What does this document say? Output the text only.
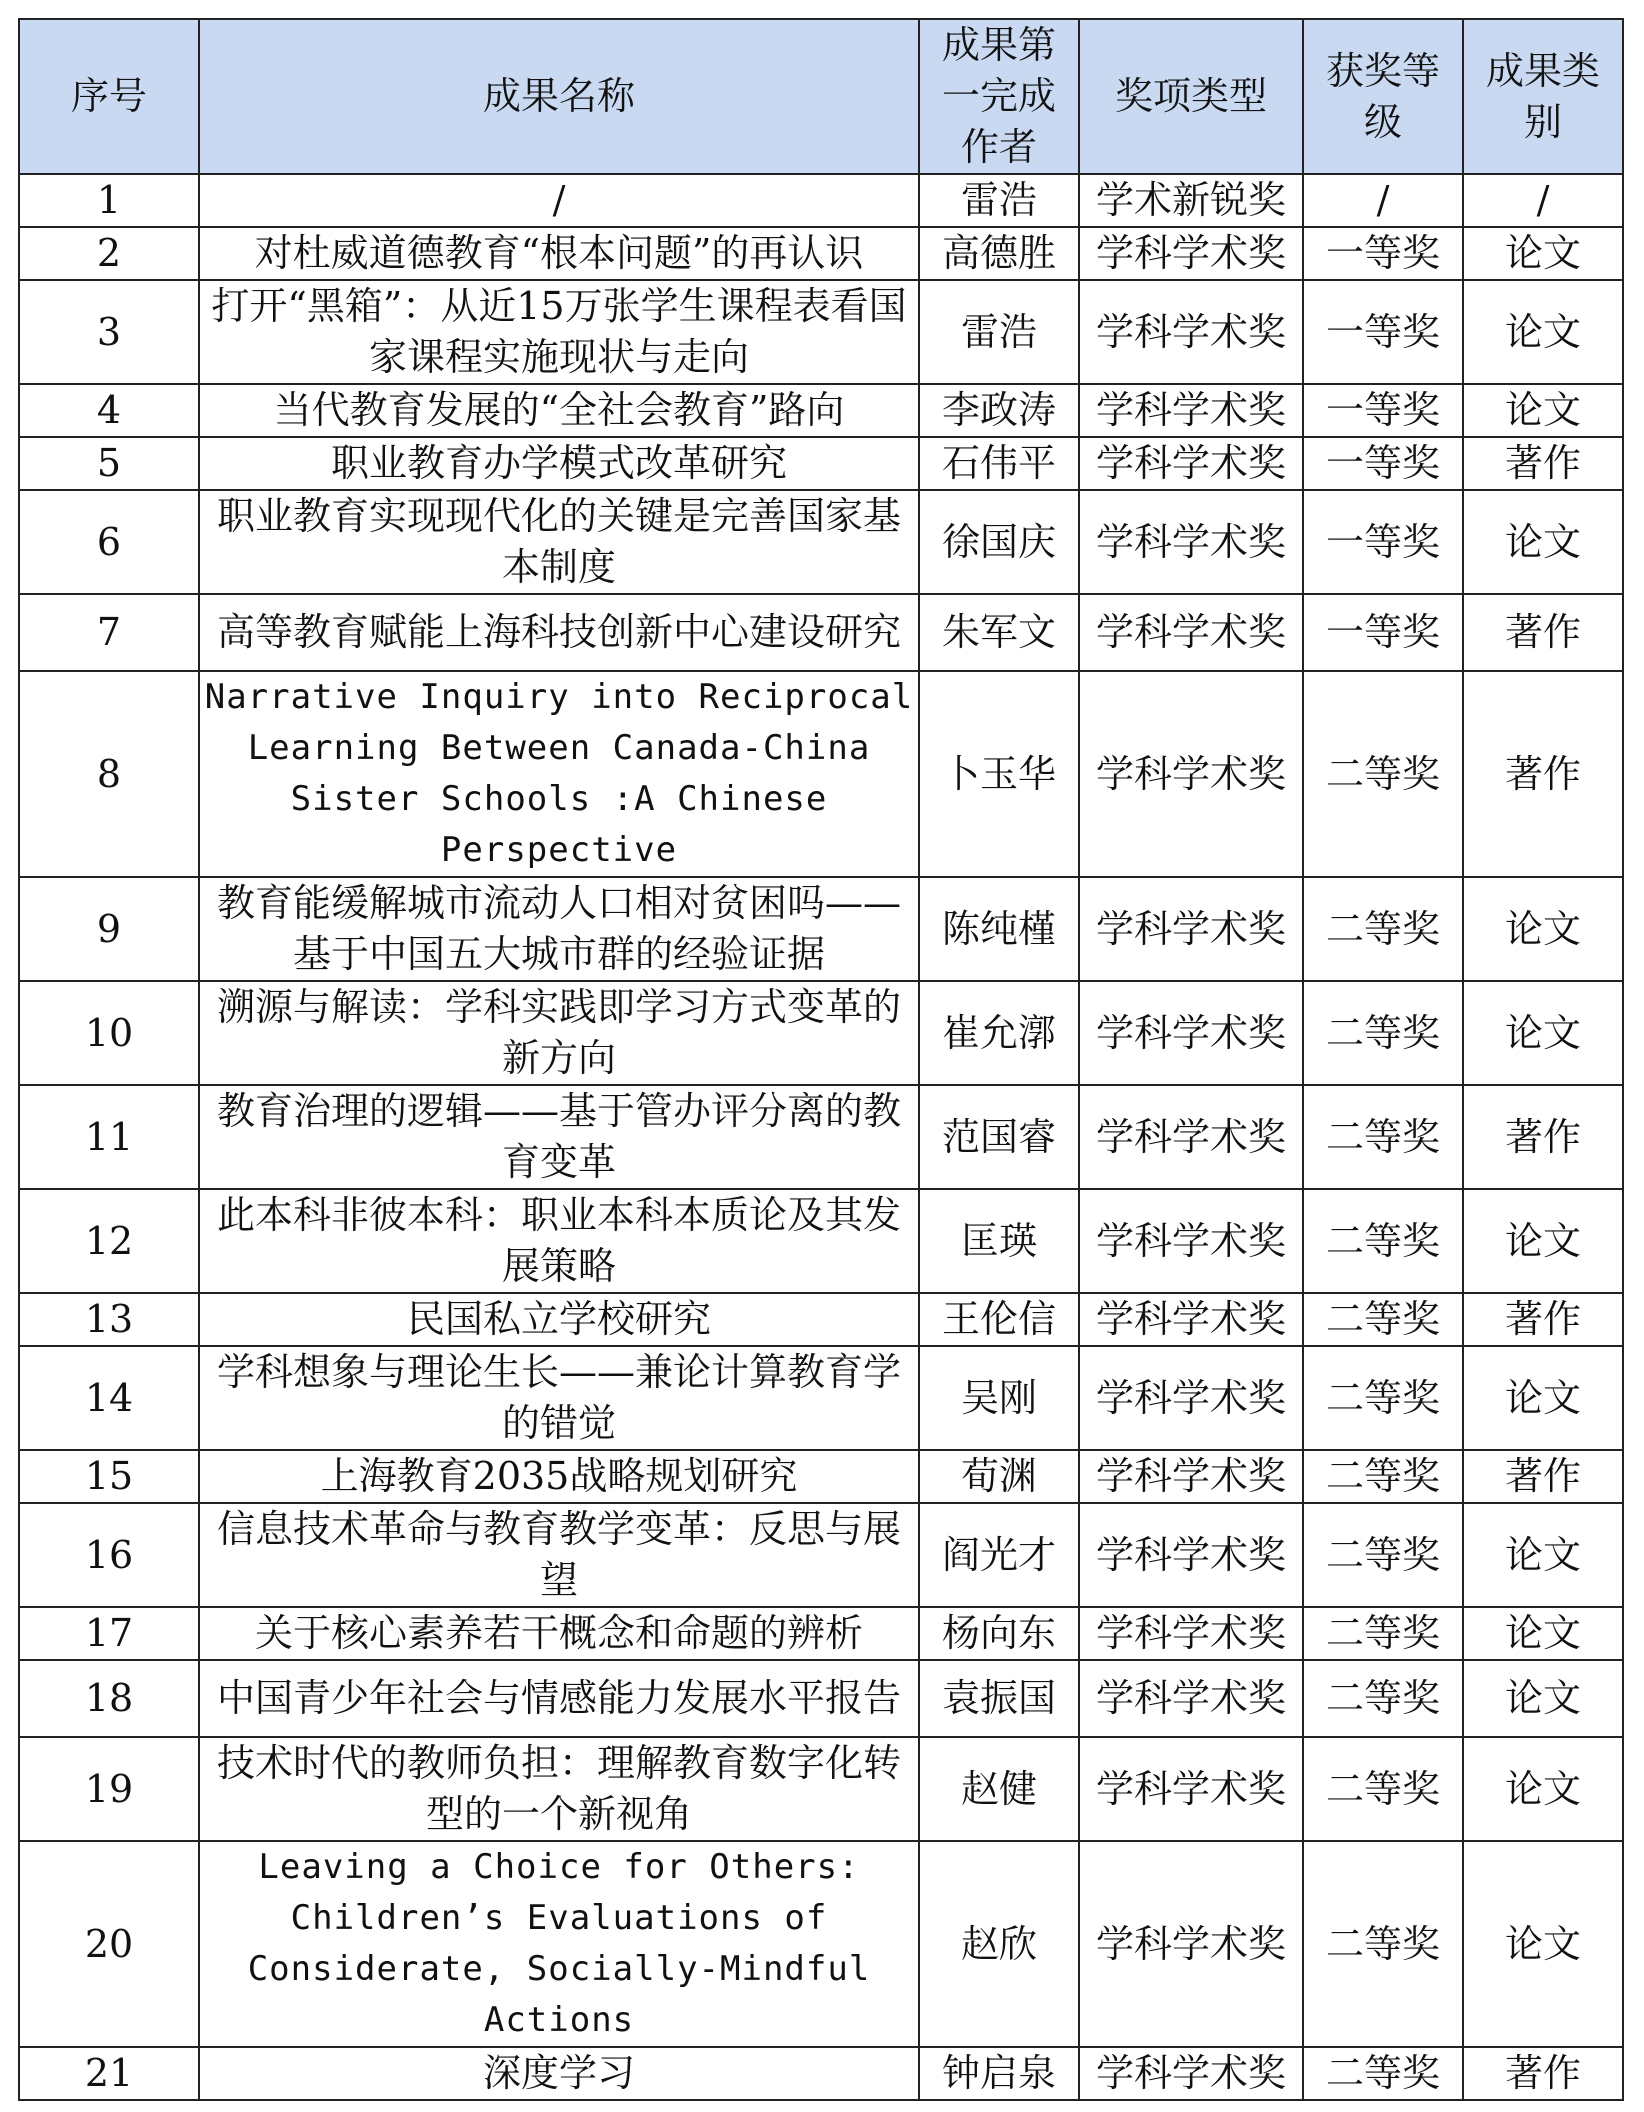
序号	成果名称	成果第一完成作者	奖项类型	获奖等级	成果类别
1	/	雷浩	学术新锐奖	/	/
2	对杜威道德教育“根本问题”的再认识	高德胜	学科学术奖	一等奖	论文
3	打开“黑箱”：从近15万张学生课程表看国家课程实施现状与走向	雷浩	学科学术奖	一等奖	论文
4	当代教育发展的“全社会教育”路向	李政涛	学科学术奖	一等奖	论文
5	职业教育办学模式改革研究	石伟平	学科学术奖	一等奖	著作
6	职业教育实现现代化的关键是完善国家基本制度	徐国庆	学科学术奖	一等奖	论文
7	高等教育赋能上海科技创新中心建设研究	朱军文	学科学术奖	一等奖	著作
8	Narrative Inquiry into Reciprocal Learning Between Canada-China Sister Schools :A Chinese Perspective	卜玉华	学科学术奖	二等奖	著作
9	教育能缓解城市流动人口相对贫困吗——基于中国五大城市群的经验证据	陈纯槿	学科学术奖	二等奖	论文
10	溯源与解读：学科实践即学习方式变革的新方向	崔允漷	学科学术奖	二等奖	论文
11	教育治理的逻辑——基于管办评分离的教育变革	范国睿	学科学术奖	二等奖	著作
12	此本科非彼本科：职业本科本质论及其发展策略	匡瑛	学科学术奖	二等奖	论文
13	民国私立学校研究	王伦信	学科学术奖	二等奖	著作
14	学科想象与理论生长——兼论计算教育学的错觉	吴刚	学科学术奖	二等奖	论文
15	上海教育2035战略规划研究	荀渊	学科学术奖	二等奖	著作
16	信息技术革命与教育教学变革：反思与展望	阎光才	学科学术奖	二等奖	论文
17	关于核心素养若干概念和命题的辨析	杨向东	学科学术奖	二等奖	论文
18	中国青少年社会与情感能力发展水平报告	袁振国	学科学术奖	二等奖	论文
19	技术时代的教师负担：理解教育数字化转型的一个新视角	赵健	学科学术奖	二等奖	论文
20	Leaving a Choice for Others: Children’s Evaluations of Considerate, Socially-Mindful Actions	赵欣	学科学术奖	二等奖	论文
21	深度学习	钟启泉	学科学术奖	二等奖	著作
